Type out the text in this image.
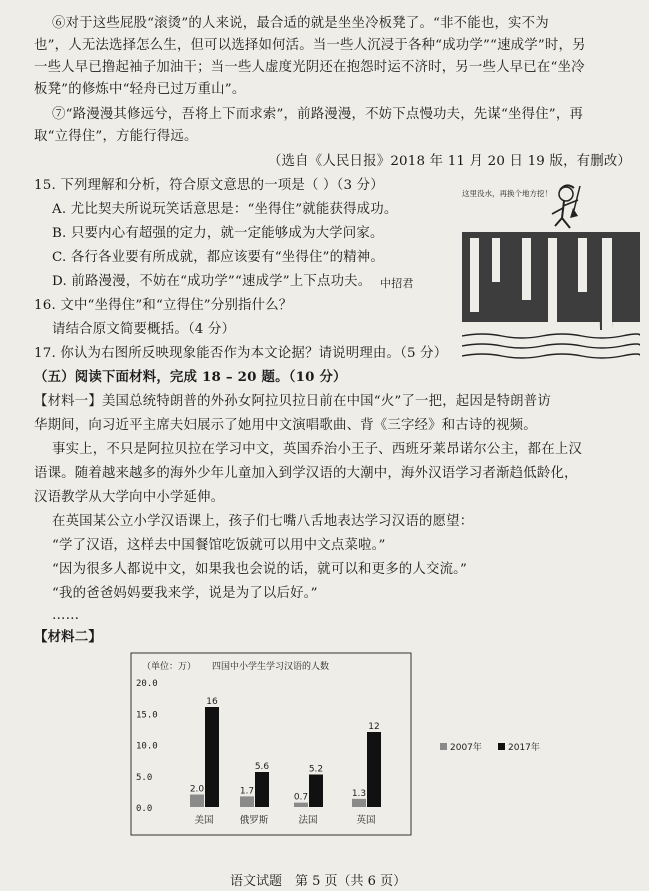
⑥对于这些屁股“滚烫”的人来说，最合适的就是坐坐冷板凳了。“非不能也，实不为
也”，人无法选择怎么生，但可以选择如何活。当一些人沉浸于各种“成功学”“速成学”时，另
一些人早已撸起袖子加油干；当一些人虚度光阴还在抱怨时运不济时，另一些人早已在“坐冷
板凳”的修炼中“轻舟已过万重山”。
⑦“路漫漫其修远兮，吾将上下而求索”，前路漫漫，不妨下点慢功夫，先谋“坐得住”，再
取“立得住”，方能行得远。
（选自《人民日报》2018 年 11 月 20 日 19 版，有删改）
15. 下列理解和分析，符合原文意思的一项是（ ）（3 分）
A. 尤比契夫所说玩笑话意思是：“坐得住”就能获得成功。
B. 只要内心有超强的定力，就一定能够成为大学问家。
C. 各行各业要有所成就，都应该要有“坐得住”的精神。
D. 前路漫漫，不妨在“成功学”“速成学”上下点功夫。 中招君
16. 文中“坐得住”和“立得住”分别指什么？
请结合原文简要概括。（4 分）
17. 你认为右图所反映现象能否作为本文论据？请说明理由。（5 分）
这里没水，再换个地方挖！
（五）阅读下面材料，完成 18 – 20 题。（10 分）
【材料一】美国总统特朗普的外孙女阿拉贝拉日前在中国“火”了一把，起因是特朗普访
华期间，向习近平主席夫妇展示了她用中文演唱歌曲、背《三字经》和古诗的视频。
事实上，不只是阿拉贝拉在学习中文，英国乔治小王子、西班牙莱昂诺尔公主，都在上汉
语课。随着越来越多的海外少年儿童加入到学汉语的大潮中，海外汉语学习者渐趋低龄化，
汉语教学从大学向中小学延伸。
在英国某公立小学汉语课上，孩子们七嘴八舌地表达学习汉语的愿望：
“学了汉语，这样去中国餐馆吃饭就可以用中文点菜啦。”
“因为很多人都说中文，如果我也会说的话，就可以和更多的人交流。”
“我的爸爸妈妈要我来学，说是为了以后好。”
……
【材料二】
（单位：万） 四国中小学生学习汉语的人数
20.0
15.0
10.0
5.0
0.0
2.0
16
美国
1.7
5.6
俄罗斯
0.7
5.2
法国
1.3
12
英国
2007年	2017年
语文试题　第 5 页（共 6 页）
